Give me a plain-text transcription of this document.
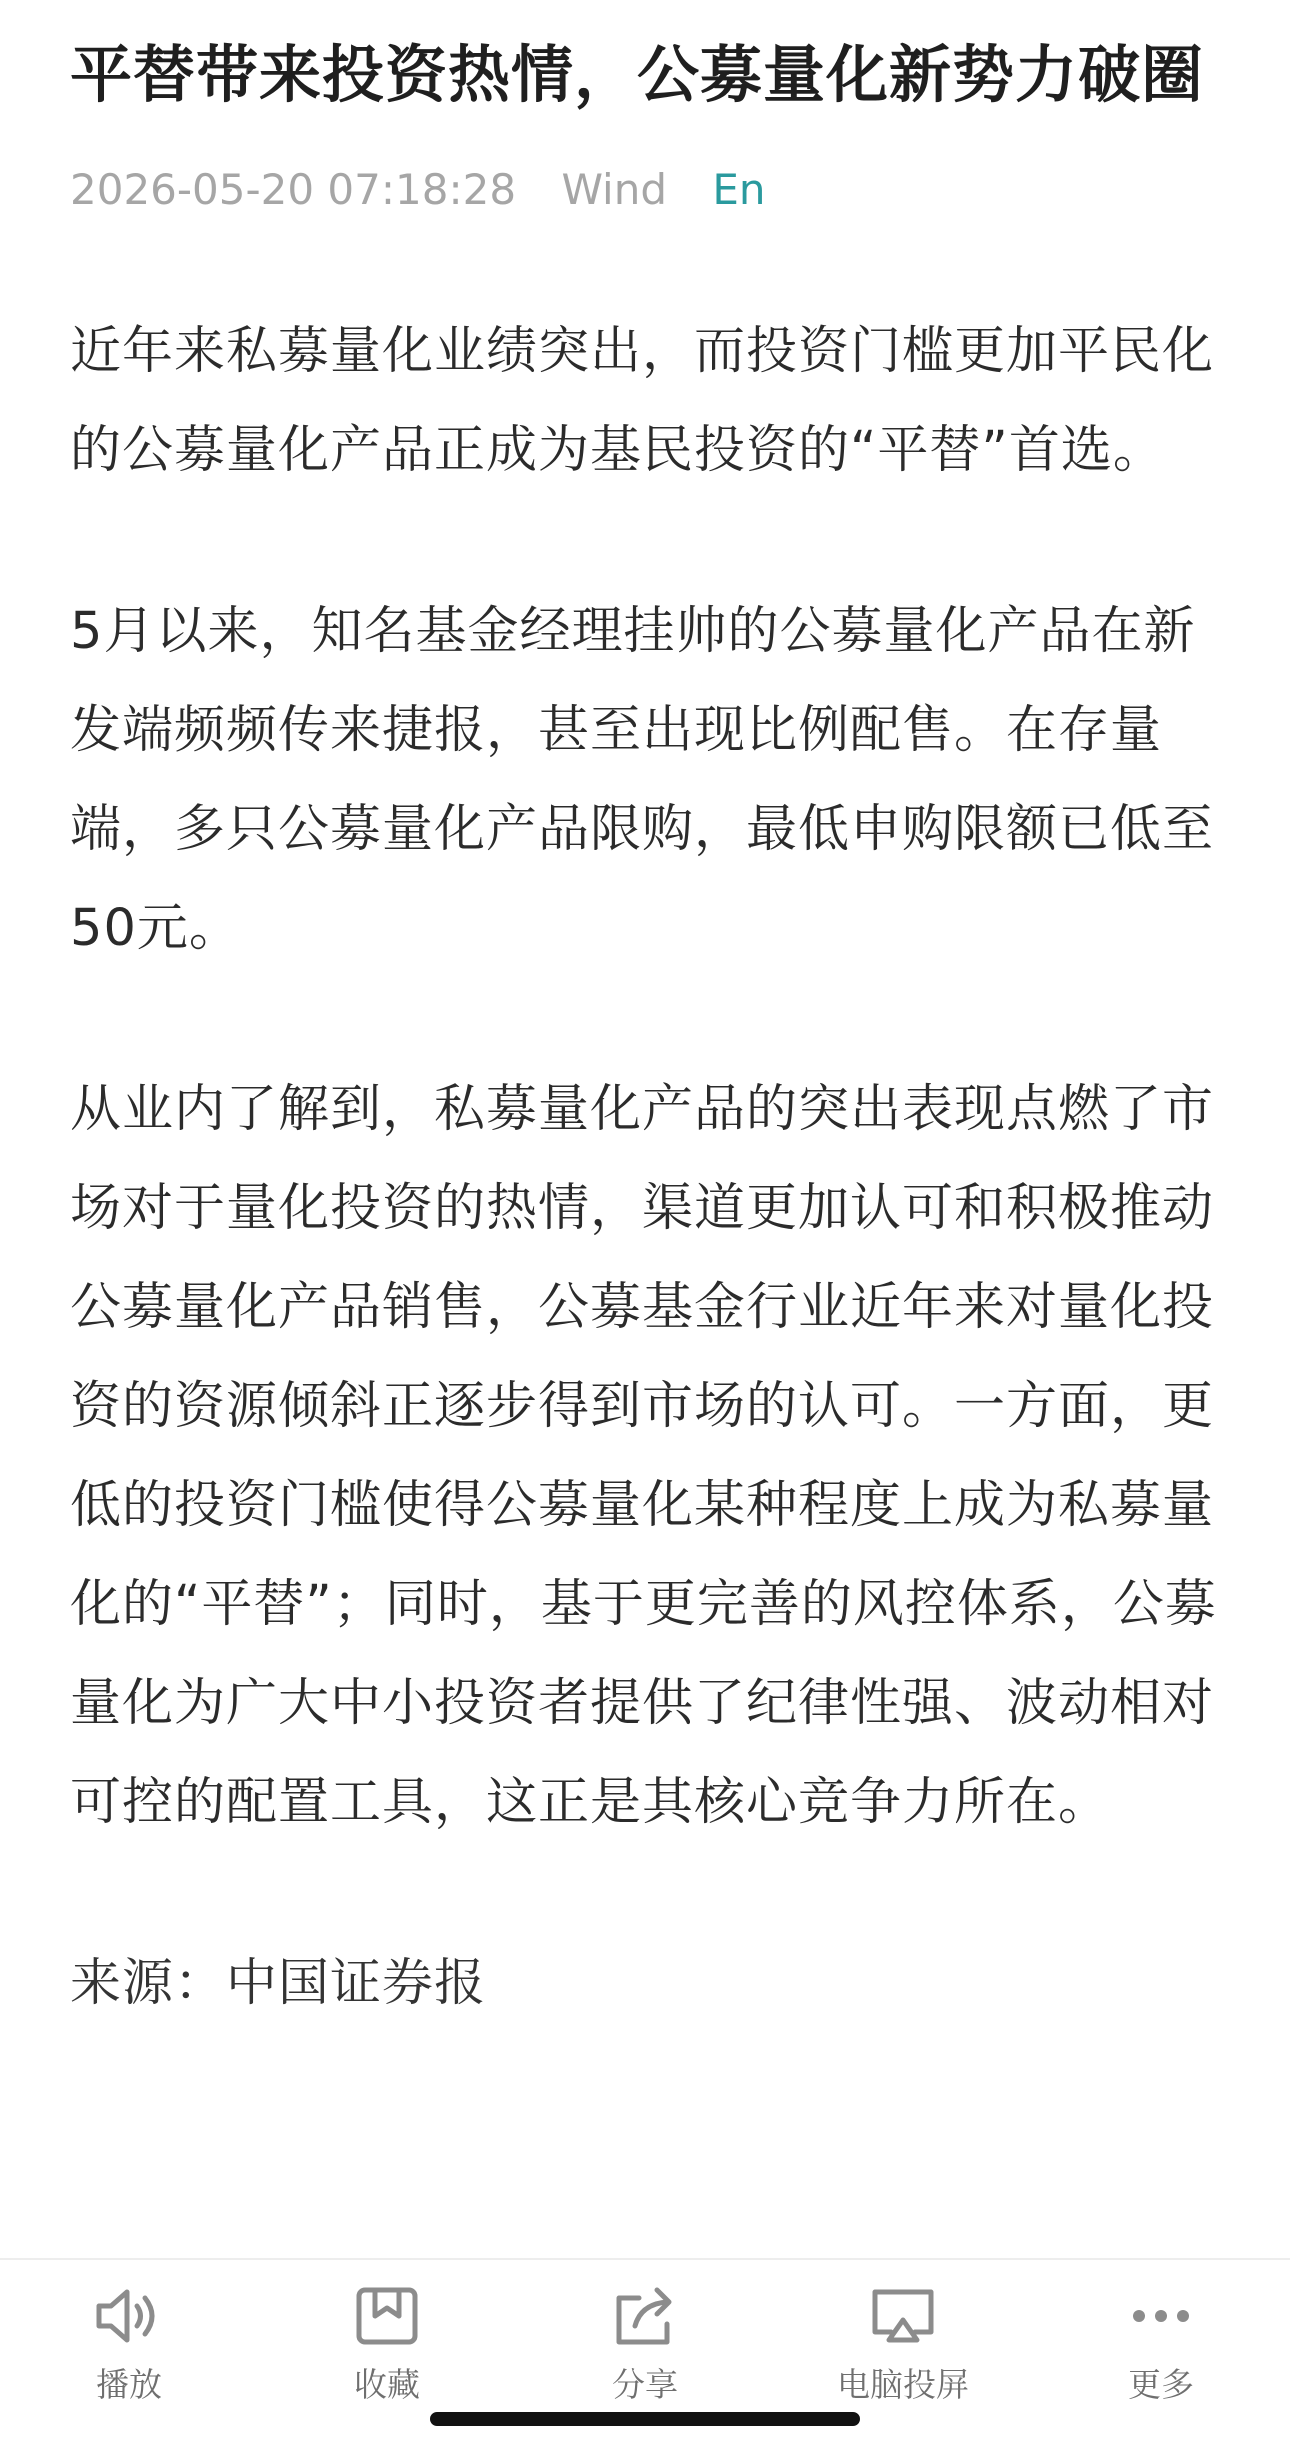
平替带来投资热情，公募量化新势力破圈
2026-05-20 07:18:28 Wind En

近年来私募量化业绩突出，而投资门槛更加平民化的公募量化产品正成为基民投资的“平替”首选。

5月以来，知名基金经理挂帅的公募量化产品在新发端频频传来捷报，甚至出现比例配售。在存量端，多只公募量化产品限购，最低申购限额已低至50元。

从业内了解到，私募量化产品的突出表现点燃了市场对于量化投资的热情，渠道更加认可和积极推动公募量化产品销售，公募基金行业近年来对量化投资的资源倾斜正逐步得到市场的认可。一方面，更低的投资门槛使得公募量化某种程度上成为私募量化的“平替”；同时，基于更完善的风控体系，公募量化为广大中小投资者提供了纪律性强、波动相对可控的配置工具，这正是其核心竞争力所在。

来源：中国证券报

播放	收藏	分享	电脑投屏	更多
